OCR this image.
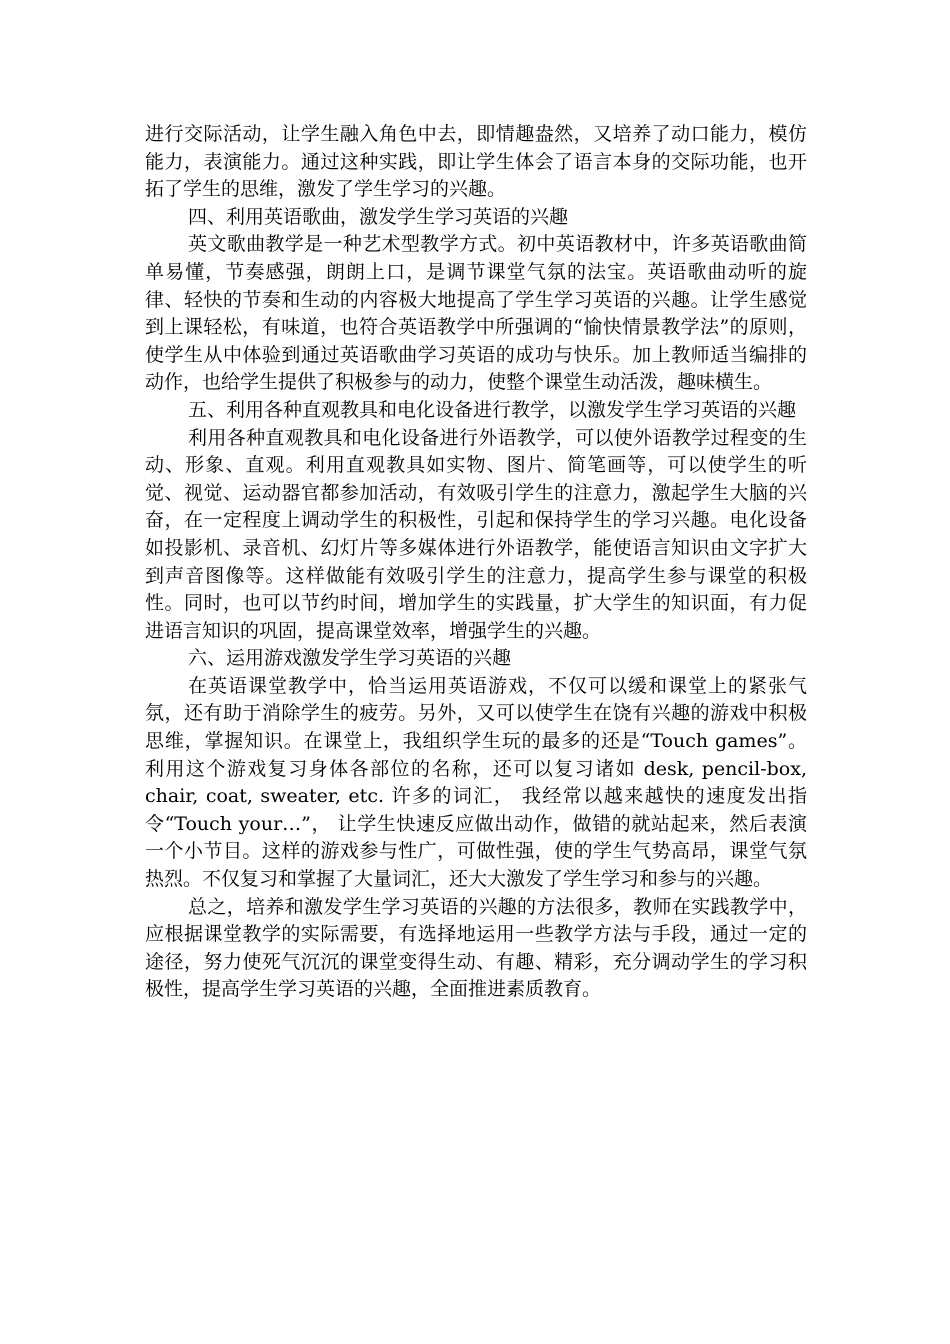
进行交际活动，让学生融入角色中去，即情趣盎然，又培养了动口能力，模仿能力，表演能力。通过这种实践，即让学生体会了语言本身的交际功能，也开拓了学生的思维，激发了学生学习的兴趣。

四、利用英语歌曲，激发学生学习英语的兴趣

英文歌曲教学是一种艺术型教学方式。初中英语教材中，许多英语歌曲简单易懂，节奏感强，朗朗上口，是调节课堂气氛的法宝。英语歌曲动听的旋律、轻快的节奏和生动的内容极大地提高了学生学习英语的兴趣。让学生感觉到上课轻松，有味道，也符合英语教学中所强调的“愉快情景教学法”的原则，使学生从中体验到通过英语歌曲学习英语的成功与快乐。加上教师适当编排的动作，也给学生提供了积极参与的动力，使整个课堂生动活泼，趣味横生。

五、利用各种直观教具和电化设备进行教学，以激发学生学习英语的兴趣

利用各种直观教具和电化设备进行外语教学，可以使外语教学过程变的生动、形象、直观。利用直观教具如实物、图片、简笔画等，可以使学生的听觉、视觉、运动器官都参加活动，有效吸引学生的注意力，激起学生大脑的兴奋，在一定程度上调动学生的积极性，引起和保持学生的学习兴趣。电化设备如投影机、录音机、幻灯片等多媒体进行外语教学，能使语言知识由文字扩大到声音图像等。这样做能有效吸引学生的注意力，提高学生参与课堂的积极性。同时，也可以节约时间，增加学生的实践量，扩大学生的知识面，有力促进语言知识的巩固，提高课堂效率，增强学生的兴趣。

六、运用游戏激发学生学习英语的兴趣

在英语课堂教学中，恰当运用英语游戏，不仅可以缓和课堂上的紧张气氛，还有助于消除学生的疲劳。另外，又可以使学生在饶有兴趣的游戏中积极思维，掌握知识。在课堂上，我组织学生玩的最多的还是“Touch games”。 利用这个游戏复习身体各部位的名称，还可以复习诸如 desk, pencil-box, chair, coat, sweater, etc. 许多的词汇， 我经常以越来越快的速度发出指令“Touch your…”， 让学生快速反应做出动作，做错的就站起来，然后表演一个小节目。这样的游戏参与性广，可做性强，使的学生气势高昂，课堂气氛热烈。不仅复习和掌握了大量词汇，还大大激发了学生学习和参与的兴趣。

总之，培养和激发学生学习英语的兴趣的方法很多，教师在实践教学中，应根据课堂教学的实际需要，有选择地运用一些教学方法与手段，通过一定的途径，努力使死气沉沉的课堂变得生动、有趣、精彩，充分调动学生的学习积极性，提高学生学习英语的兴趣，全面推进素质教育。
